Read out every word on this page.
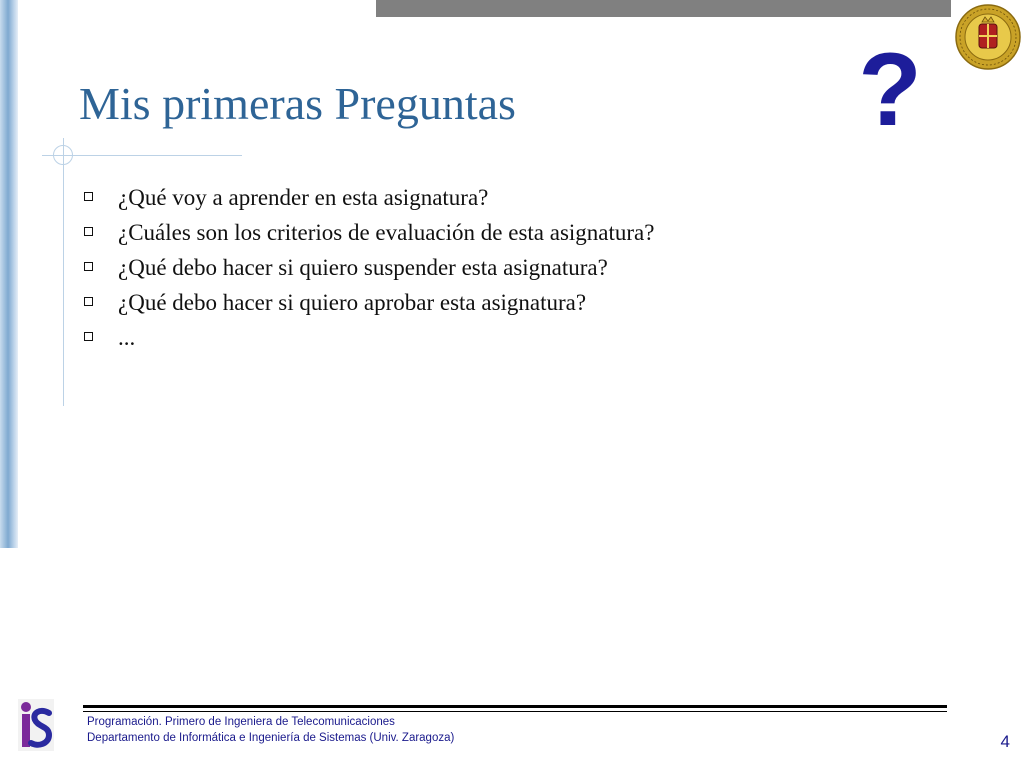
?
Mis primeras Preguntas
¿Qué voy a aprender en esta asignatura?
¿Cuáles son los criterios de evaluación de esta asignatura?
¿Qué debo hacer si quiero suspender esta asignatura?
¿Qué debo hacer si quiero aprobar esta asignatura?
...
Programación. Primero de Ingeniera de Telecomunicaciones
Departamento de Informática e Ingeniería de Sistemas (Univ. Zaragoza)	4
